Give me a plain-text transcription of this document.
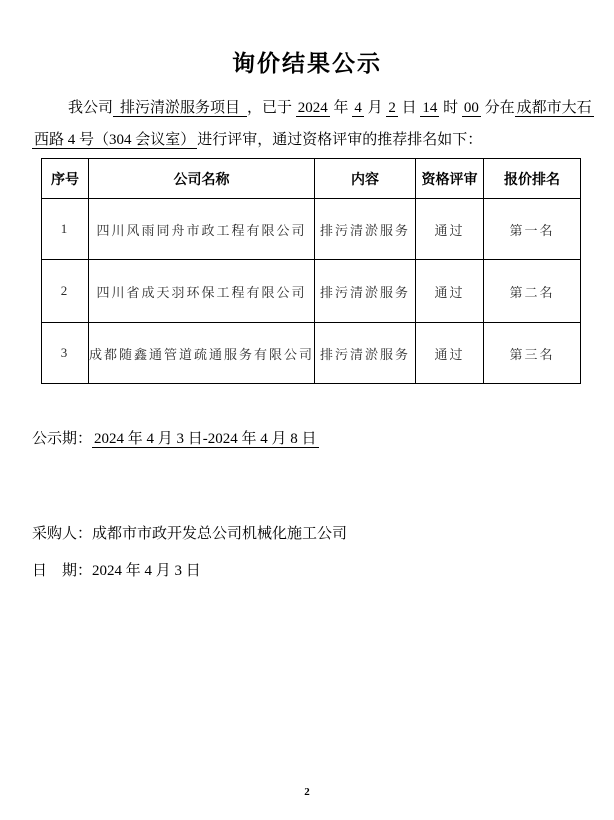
询价结果公示
我公司 排污清淤服务项目 ，已于 2024 年 4 月 2 日 14 时 00 分在 成都市大石
西路 4 号（304 会议室） 进行评审，通过资格评审的推荐排名如下：
序号	公司名称	内容	资格评审	报价排名
1	四川风雨同舟市政工程有限公司	排污清淤服务	通过	第一名
2	四川省成天羽环保工程有限公司	排污清淤服务	通过	第二名
3	成都随鑫通管道疏通服务有限公司	排污清淤服务	通过	第三名
公示期： 2024 年 4 月 3 日-2024 年 4 月 8 日
采购人：成都市市政开发总公司机械化施工公司
日　期：2024 年 4 月 3 日
2
